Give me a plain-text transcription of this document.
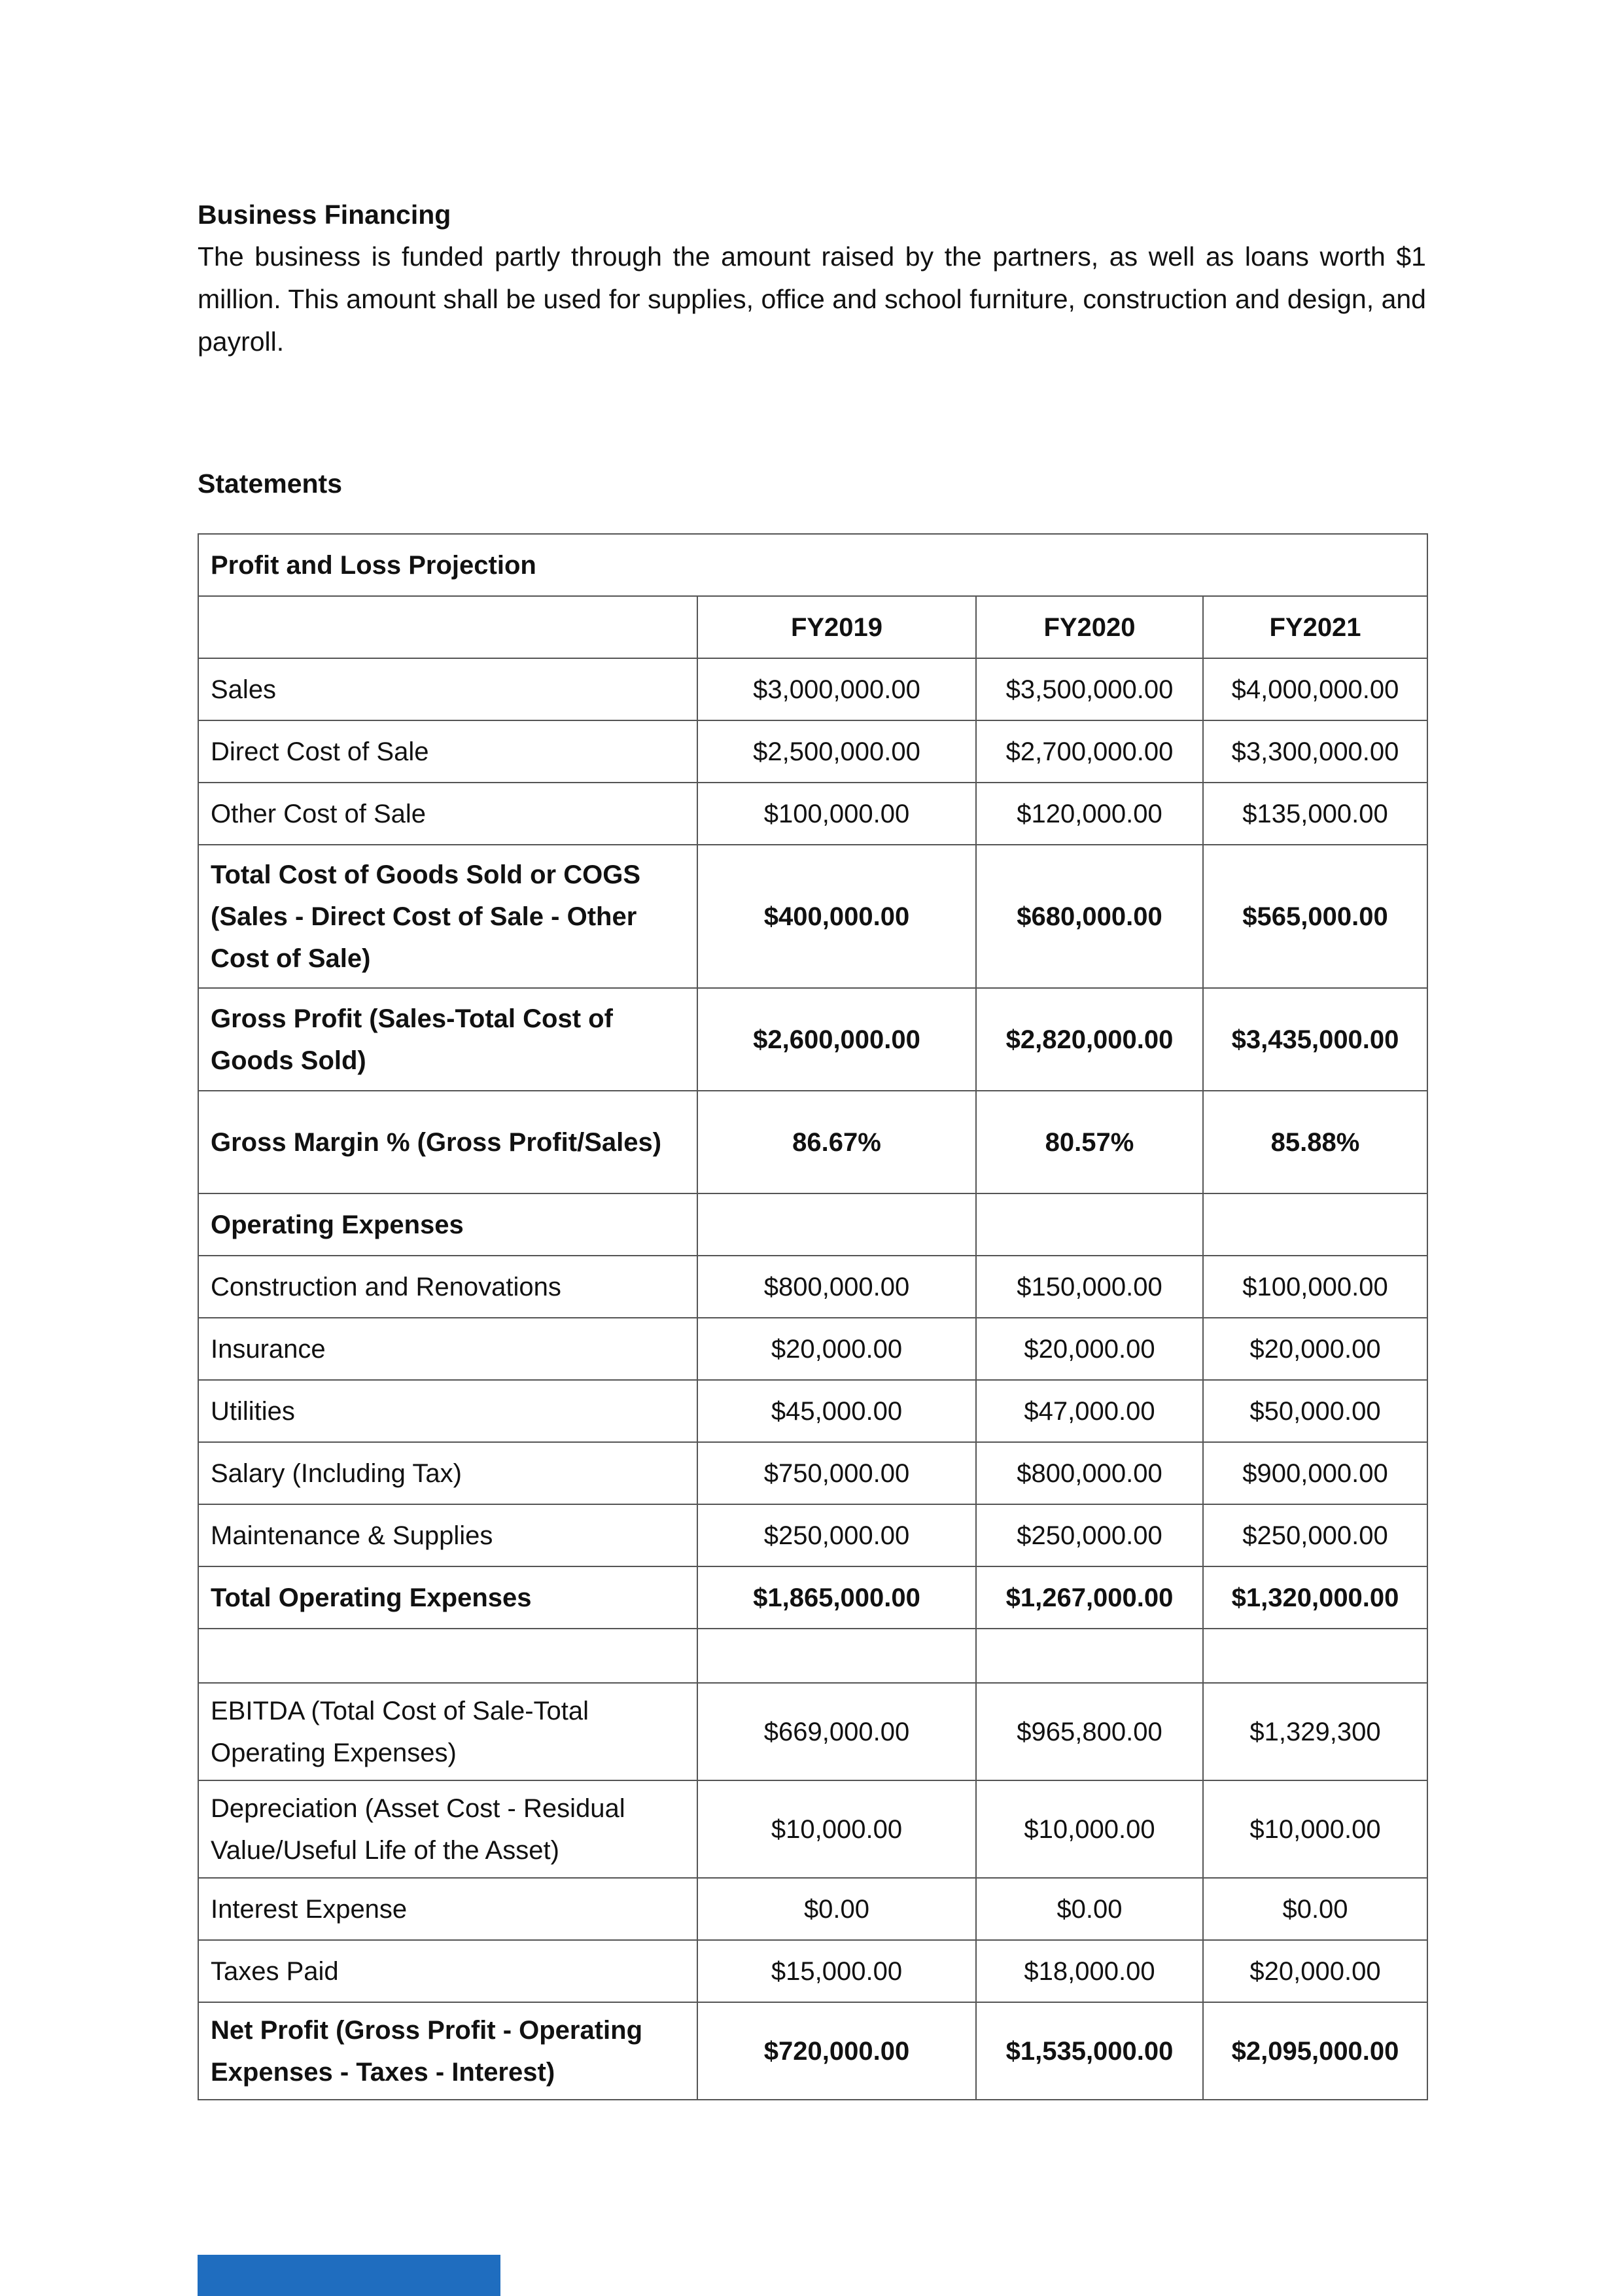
Business Financing

The business is funded partly through the amount raised by the partners, as well as loans worth $1 million. This amount shall be used for supplies, office and school furniture, construction and design, and payroll.

Statements

Profit and Loss Projection			
	FY2019	FY2020	FY2021
Sales	$3,000,000.00	$3,500,000.00	$4,000,000.00
Direct Cost of Sale	$2,500,000.00	$2,700,000.00	$3,300,000.00
Other Cost of Sale	$100,000.00	$120,000.00	$135,000.00
Total Cost of Goods Sold or COGS (Sales - Direct Cost of Sale - Other Cost of Sale)	$400,000.00	$680,000.00	$565,000.00
Gross Profit (Sales-Total Cost of Goods Sold)	$2,600,000.00	$2,820,000.00	$3,435,000.00
Gross Margin % (Gross Profit/Sales)	86.67%	80.57%	85.88%
Operating Expenses			
Construction and Renovations	$800,000.00	$150,000.00	$100,000.00
Insurance	$20,000.00	$20,000.00	$20,000.00
Utilities	$45,000.00	$47,000.00	$50,000.00
Salary (Including Tax)	$750,000.00	$800,000.00	$900,000.00
Maintenance & Supplies	$250,000.00	$250,000.00	$250,000.00
Total Operating Expenses	$1,865,000.00	$1,267,000.00	$1,320,000.00

EBITDA (Total Cost of Sale-Total Operating Expenses)	$669,000.00	$965,800.00	$1,329,300
Depreciation (Asset Cost - Residual Value/Useful Life of the Asset)	$10,000.00	$10,000.00	$10,000.00
Interest Expense	$0.00	$0.00	$0.00
Taxes Paid	$15,000.00	$18,000.00	$20,000.00
Net Profit (Gross Profit - Operating Expenses - Taxes - Interest)	$720,000.00	$1,535,000.00	$2,095,000.00
